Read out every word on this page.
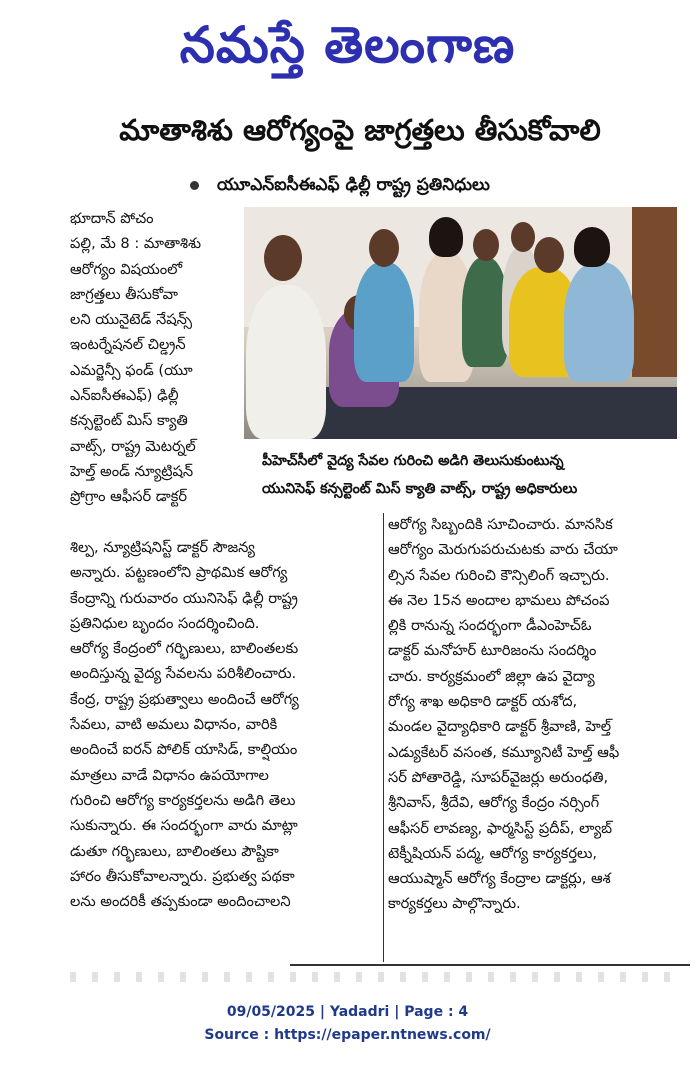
నమస్తే తెలంగాణ
మాతాశిశు ఆరోగ్యంపై జాగ్రత్తలు తీసుకోవాలి
యూఎన్‌ఐసీఈఎఫ్ ఢిల్లీ రాష్ట్ర ప్రతినిధులు
పీహెచ్‌సీలో వైద్య సేవల గురించి అడిగి తెలుసుకుంటున్న
యునిసెఫ్ కన్సల్టెంట్ మిస్ క్యాతి వాట్స్, రాష్ట్ర అధికారులు
భూదాన్ పోచం
పల్లి, మే 8 : మాతాశిశు
ఆరోగ్యం విషయంలో
జాగ్రత్తలు తీసుకోవా
లని యునైటెడ్ నేషన్స్
ఇంటర్నేషనల్ చిల్డ్రన్
ఎమర్జెన్సీ ఫండ్ (యూ
ఎన్‌ఐసీఈఎఫ్) ఢిల్లీ
కన్సల్టెంట్ మిస్ క్యాతి
వాట్స్, రాష్ట్ర మెటర్నల్
హెల్త్ అండ్ న్యూట్రిషన్
ప్రోగ్రాం ఆఫీసర్ డాక్టర్
శిల్ప, న్యూట్రిషనిస్ట్ డాక్టర్ సౌజన్య
అన్నారు. పట్టణంలోని ప్రాథమిక ఆరోగ్య
కేంద్రాన్ని గురువారం యునిసెఫ్ ఢిల్లీ రాష్ట్ర
ప్రతినిధుల బృందం సందర్శించింది.
ఆరోగ్య కేంద్రంలో గర్భిణులు, బాలింతలకు
అందిస్తున్న వైద్య సేవలను పరిశీలించారు.
కేంద్ర, రాష్ట్ర ప్రభుత్వాలు అందించే ఆరోగ్య
సేవలు, వాటి అమలు విధానం, వారికి
అందించే ఐరన్ పోలిక్ యాసిడ్, కాల్షియం
మాత్రలు వాడే విధానం ఉపయోగాల
గురించి ఆరోగ్య కార్యకర్తలను అడిగి తెలు
సుకున్నారు. ఈ సందర్భంగా వారు మాట్లా
డుతూ గర్భిణులు, బాలింతలు పౌష్టికా
హారం తీసుకోవాలన్నారు. ప్రభుత్వ పథకా
లను అందరికీ తప్పకుండా అందించాలని
ఆరోగ్య సిబ్బందికి సూచించారు. మానసిక
ఆరోగ్యం మెరుగుపరుచుటకు వారు చేయా
ల్సిన సేవల గురించి కౌన్సిలింగ్ ఇచ్చారు.
ఈ నెల 15న అందాల భామలు పోచంప
ల్లికి రానున్న సందర్భంగా డీఎంహెచ్‌ఓ
డాక్టర్ మనోహర్ టూరిజంను సందర్శిం
చారు. కార్యక్రమంలో జిల్లా ఉప వైద్యా
రోగ్య శాఖ అధికారి డాక్టర్ యశోద,
మండల వైద్యాధికారి డాక్టర్ శ్రీవాణి, హెల్త్
ఎడ్యుకేటర్ వసంత, కమ్యూనిటీ హెల్త్ ఆఫీ
సర్ పోతారెడ్డి, సూపర్‌వైజర్లు అరుంధతి,
శ్రీనివాస్, శ్రీదేవి, ఆరోగ్య కేంద్రం నర్సింగ్
ఆఫీసర్ లావణ్య, ఫార్మసిస్ట్ ప్రదీప్, ల్యాబ్
టెక్నీషియన్ పద్మ, ఆరోగ్య కార్యకర్తలు,
ఆయుష్మాన్ ఆరోగ్య కేంద్రాల డాక్టర్లు, ఆశ
కార్యకర్తలు పాల్గొన్నారు.
09/05/2025 | Yadadri | Page : 4
Source : https://epaper.ntnews.com/
